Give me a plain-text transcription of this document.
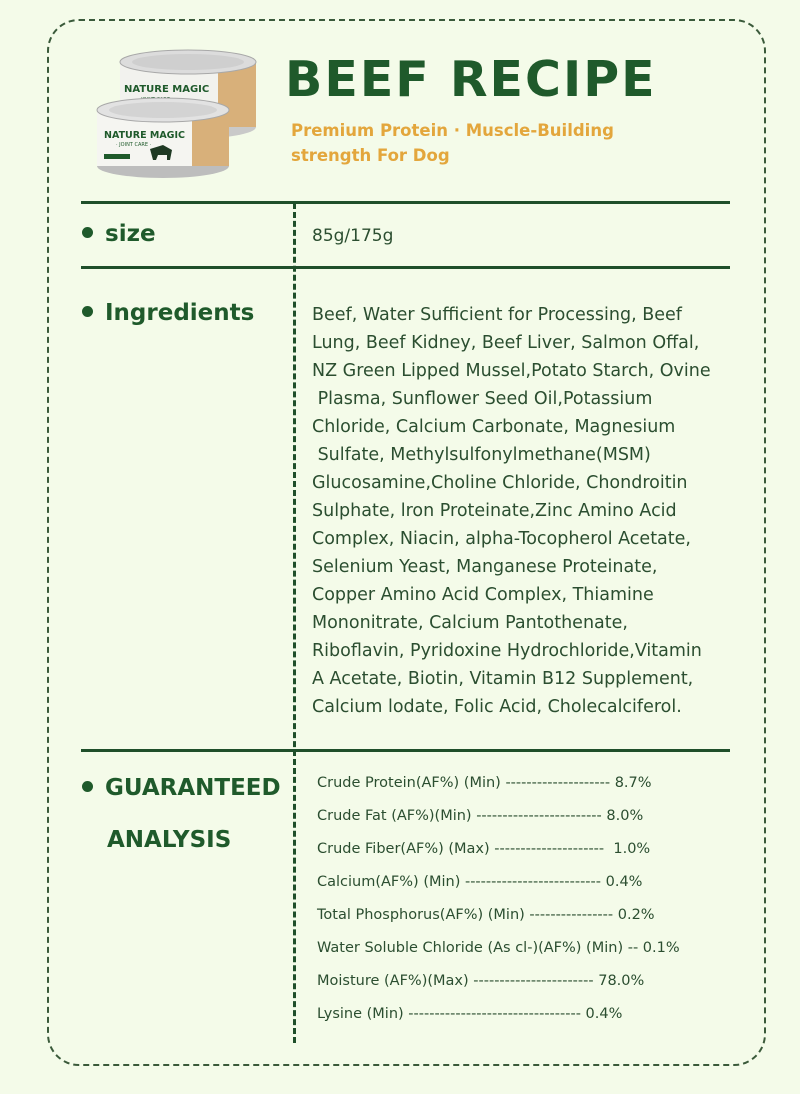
NATURE MAGIC
NATURE MAGIC
· JOINT CARE ·
BEEF RECIPE
Premium Protein · Muscle-Building
strength For Dog
size	85g/175g
Ingredients	Beef, Water Sufficient for Processing, Beef
Lung, Beef Kidney, Beef Liver, Salmon Offal,
NZ Green Lipped Mussel,Potato Starch, Ovine
Plasma, Sunflower Seed Oil,Potassium
Chloride, Calcium Carbonate, Magnesium
Sulfate, Methylsulfonylmethane(MSM)
Glucosamine,Choline Chloride, Chondroitin
Sulphate, lron Proteinate,Zinc Amino Acid
Complex, Niacin, alpha-Tocopherol Acetate,
Selenium Yeast, Manganese Proteinate,
Copper Amino Acid Complex, Thiamine
Mononitrate, Calcium Pantothenate,
Riboflavin, Pyridoxine Hydrochloride,Vitamin
A Acetate, Biotin, Vitamin B12 Supplement,
Calcium lodate, Folic Acid, Cholecalciferol.
GUARANTEED
ANALYSIS
Crude Protein(AF%) (Min) -------------------- 8.7%
Crude Fat (AF%)(Min) ------------------------ 8.0%
Crude Fiber(AF%) (Max) ---------------------  1.0%
Calcium(AF%) (Min) -------------------------- 0.4%
Total Phosphorus(AF%) (Min) ---------------- 0.2%
Water Soluble Chloride (As cl-)(AF%) (Min) -- 0.1%
Moisture (AF%)(Max) ----------------------- 78.0%
Lysine (Min) --------------------------------- 0.4%
